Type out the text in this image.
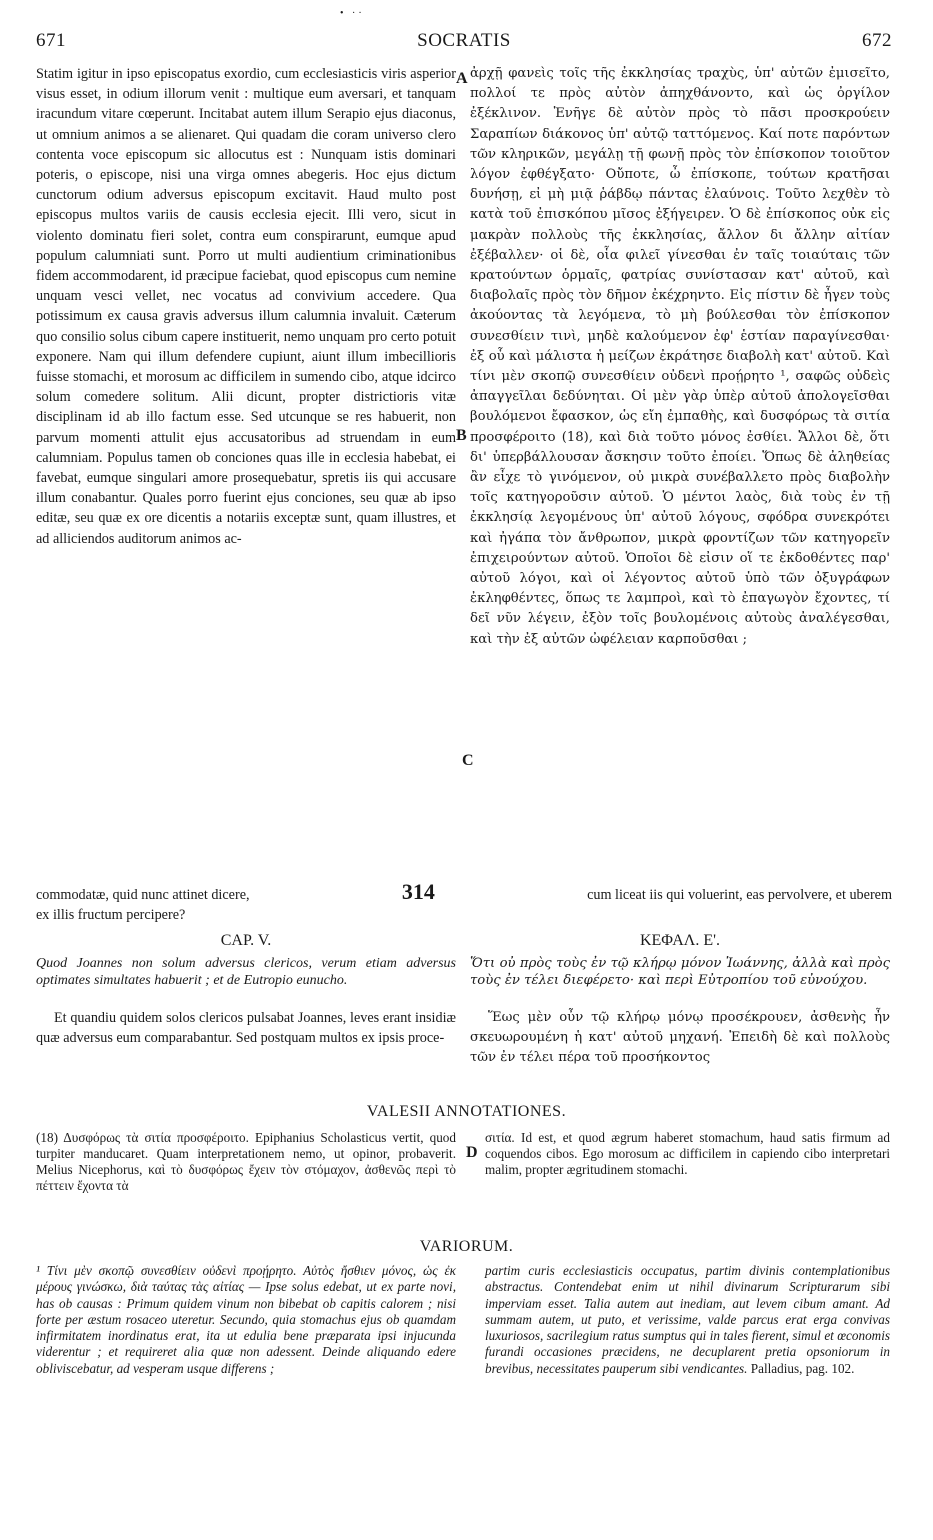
• ··
671	SOCRATIS	672

Statim igitur in ipso episcopatus exordio, cum ecclesiasticis viris asperior visus esset, in odium illorum venit : multique eum aversari, et tanquam iracundum vitare cœperunt. Incitabat autem illum Serapio ejus diaconus, ut omnium animos a se alienaret. Qui quadam die coram universo clero contenta voce episcopum sic allocutus est : Nunquam istis dominari poteris, o episcope, nisi una virga omnes abegeris. Hoc ejus dictum cunctorum odium adversus episcopum excitavit. Haud multo post episcopus multos variis de causis ecclesia ejecit. Illi vero, sicut in violento dominatu fieri solet, contra eum conspirarunt, eumque apud populum calumniati sunt. Porro ut multi audientium criminationibus fidem accommodarent, id præcipue faciebat, quod episcopus cum nemine unquam vesci vellet, nec vocatus ad convivium accedere. Qua potissimum ex causa gravis adversus illum calumnia invaluit. Cæterum quo consilio solus cibum capere instituerit, nemo unquam pro certo potuit exponere. Nam qui illum defendere cupiunt, aiunt illum imbecillioris fuisse stomachi, et morosum ac difficilem in sumendo cibo, atque idcirco solum comedere solitum. Alii dicunt, propter districtioris vitæ disciplinam id ab illo factum esse. Sed utcunque se res habuerit, non parvum momenti attulit ejus accusatoribus ad struendam in eum calumniam. Populus tamen ob conciones quas ille in ecclesia habebat, ei favebat, eumque singulari amore prosequebatur, spretis iis qui accusare illum conabantur. Quales porro fuerint ejus conciones, seu quæ ab ipso editæ, seu quæ ex ore dicentis a notariis exceptæ sunt, quam illustres, et ad alliciendos auditorum animos ac-

ἀρχῇ φανεὶς τοῖς τῆς ἐκκλησίας τραχὺς, ὑπ' αὐτῶν ἐμισεῖτο, πολλοί τε πρὸς αὐτὸν ἀπηχθάνοντο, καὶ ὡς ὀργίλον ἐξέκλινον. Ἐνῆγε δὲ αὐτὸν πρὸς τὸ πᾶσι προσκρούειν Σαραπίων διάκονος ὑπ' αὐτῷ ταττόμενος. Καί ποτε παρόντων τῶν κληρικῶν, μεγάλῃ τῇ φωνῇ πρὸς τὸν ἐπίσκοπον τοιοῦτον λόγον ἐφθέγξατο· Οὔποτε, ὦ ἐπίσκοπε, τούτων κρατῆσαι δυνήσῃ, εἰ μὴ μιᾷ ῥάβδῳ πάντας ἐλαύνοις. Τοῦτο λεχθὲν τὸ κατὰ τοῦ ἐπισκόπου μῖσος ἐξήγειρεν. Ὁ δὲ ἐπίσκοπος οὐκ εἰς μακρὰν πολλοὺς τῆς ἐκκλησίας, ἄλλον δι ἄλλην αἰτίαν ἐξέβαλλεν· οἱ δὲ, οἷα φιλεῖ γίνεσθαι ἐν ταῖς τοιαύταις τῶν κρατούντων ὁρμαῖς, φατρίας συνίστασαν κατ' αὐτοῦ, καὶ διαβολαῖς πρὸς τὸν δῆμον ἐκέχρηντο. Εἰς πίστιν δὲ ἦγεν τοὺς ἀκούοντας τὰ λεγόμενα, τὸ μὴ βούλεσθαι τὸν ἐπίσκοπον συνεσθίειν τινὶ, μηδὲ καλούμενον ἐφ' ἑστίαν παραγίνεσθαι· ἐξ οὗ καὶ μάλιστα ἡ μείζων ἐκράτησε διαβολὴ κατ' αὐτοῦ. Καὶ τίνι μὲν σκοπῷ συνεσθίειν οὐδενὶ προῄρητο ¹, σαφῶς οὐδεὶς ἀπαγγεῖλαι δεδύνηται. Οἱ μὲν γὰρ ὑπὲρ αὐτοῦ ἀπολογεῖσθαι βουλόμενοι ἔφασκον, ὡς εἴη ἐμπαθὴς, καὶ δυσφόρως τὰ σιτία προσφέροιτο (18), καὶ διὰ τοῦτο μόνος ἐσθίει. Ἄλλοι δὲ, ὅτι δι' ὑπερβάλλουσαν ἄσκησιν τοῦτο ἐποίει. Ὅπως δὲ ἀληθείας ἂν εἶχε τὸ γινόμενον, οὐ μικρὰ συνέβαλλετο πρὸς διαβολὴν τοῖς κατηγοροῦσιν αὐτοῦ. Ὁ μέντοι λαὸς, διὰ τοὺς ἐν τῇ ἐκκλησίᾳ λεγομένους ὑπ' αὐτοῦ λόγους, σφόδρα συνεκρότει καὶ ἠγάπα τὸν ἄνθρωπον, μικρὰ φροντίζων τῶν κατηγορεῖν ἐπιχειρούντων αὐτοῦ. Ὁποῖοι δὲ εἰσιν οἵ τε ἐκδοθέντες παρ' αὐτοῦ λόγοι, καὶ οἱ λέγοντος αὐτοῦ ὑπὸ τῶν ὀξυγράφων ἐκληφθέντες, ὅπως τε λαμπροὶ, καὶ τὸ ἐπαγωγὸν ἔχοντες, τί δεῖ νῦν λέγειν, ἐξὸν τοῖς βουλομένοις αὐτοὺς ἀναλέγεσθαι, καὶ τὴν ἐξ αὐτῶν ὠφέλειαν καρποῦσθαι ;

A
B
C
D
commodatæ, quid nunc attinet dicere,	314	cum liceat iis qui voluerint, eas pervolvere, et uberem
ex illis fructum percipere?
CAP. V.
Quod Joannes non solum adversus clericos, verum etiam adversus optimates simultates habuerit ; et de Eutropio eunucho.
Et quandiu quidem solos clericos pulsabat Joannes, leves erant insidiæ quæ adversus eum comparabantur. Sed postquam multos ex ipsis proce-
ΚΕΦΑΛ. Ε'.
Ὅτι οὐ πρὸς τοὺς ἐν τῷ κλήρῳ μόνον Ἰωάννης, ἀλλὰ καὶ πρὸς τοὺς ἐν τέλει διεφέρετο· καὶ περὶ Εὐτροπίου τοῦ εὐνούχου.
Ἕως μὲν οὖν τῷ κλήρῳ μόνῳ προσέκρουεν, ἀσθενὴς ἦν σκευωρουμένη ἡ κατ' αὐτοῦ μηχανή. Ἐπειδὴ δὲ καὶ πολλοὺς τῶν ἐν τέλει πέρα τοῦ προσήκοντος
VALESII ANNOTATIONES.
(18) Δυσφόρως τὰ σιτία προσφέροιτο. Epiphanius Scholasticus vertit, quod turpiter manducaret. Quam interpretationem nemo, ut opinor, probaverit. Melius Nicephorus, καὶ τὸ δυσφόρως ἔχειν τὸν στόμαχον, ἀσθενῶς περὶ τὸ πέττειν ἔχοντα τὰ
σιτία. Id est, et quod ægrum haberet stomachum, haud satis firmum ad coquendos cibos. Ego morosum ac difficilem in capiendo cibo interpretari malim, propter ægritudinem stomachi.
VARIORUM.
¹ Τίνι μὲν σκοπῷ συνεσθίειν οὐδενὶ προῄρητο. Αὐτὸς ἤσθιεν μόνος, ὡς ἐκ μέρους γινώσκω, διὰ ταύτας τὰς αἰτίας — Ipse solus edebat, ut ex parte novi, has ob causas : Primum quidem vinum non bibebat ob capitis calorem ; nisi forte per æstum rosaceo uteretur. Secundo, quia stomachus ejus ob quamdam infirmitatem inordinatus erat, ita ut edulia bene præparata ipsi injucunda viderentur ; et requireret alia quæ non adessent. Deinde aliquando edere obliviscebatur, ad vesperam usque differens ;
partim curis ecclesiasticis occupatus, partim divinis contemplationibus abstractus. Contendebat enim ut nihil divinarum Scripturarum sibi imperviam esset. Talia autem aut inediam, aut levem cibum amant. Ad summam autem, ut puto, et verissime, valde parcus erat erga convivas luxuriosos, sacrilegium ratus sumptus qui in tales fierent, simul et œconomis furandi occasiones præcidens, ne decuplarent pretia opsoniorum in brevibus, necessitates pauperum sibi vendicantes. Palladius, pag. 102.
